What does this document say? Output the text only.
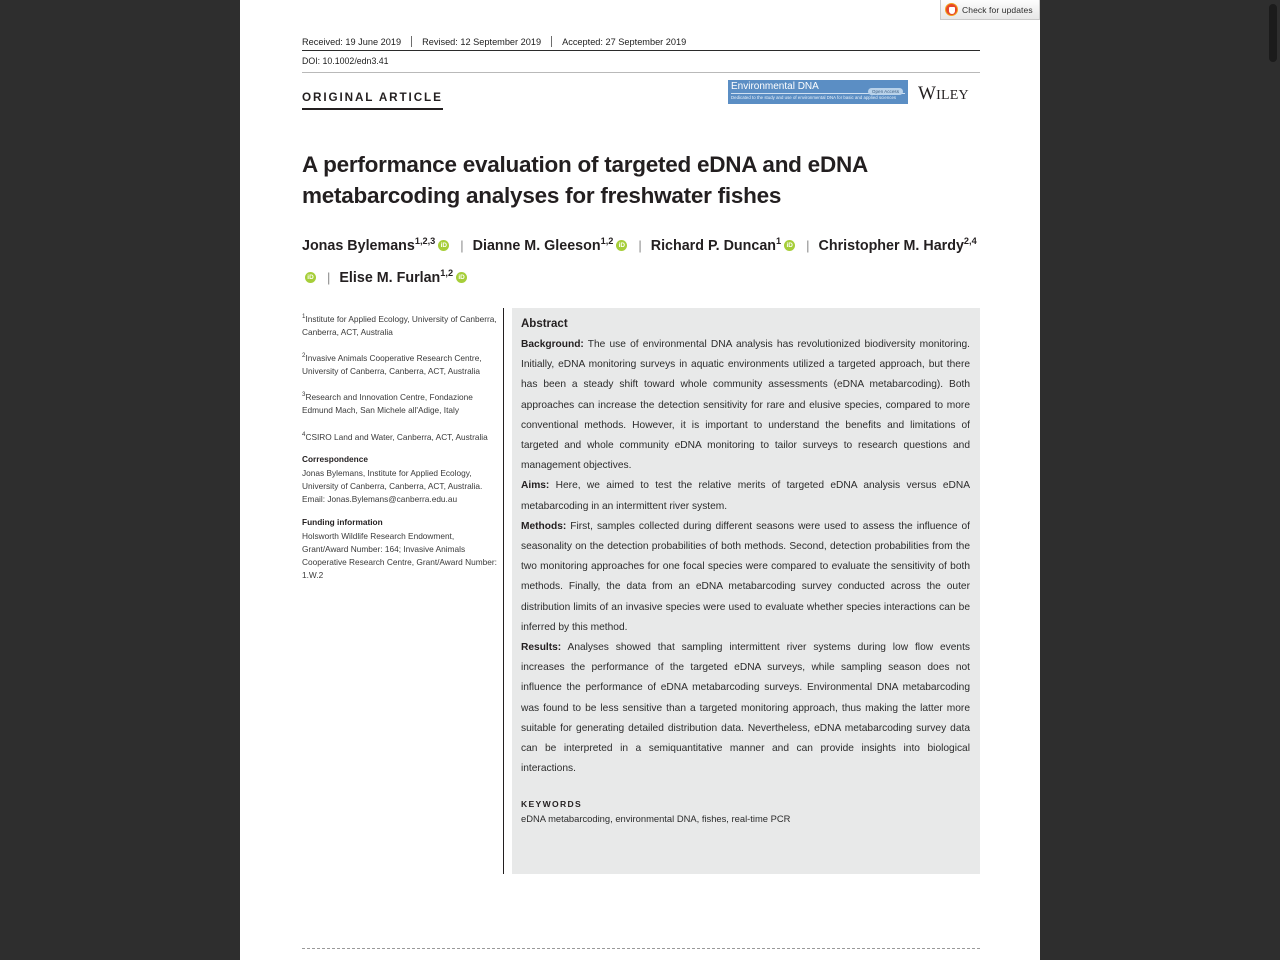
Check for updates
Received: 19 June 2019	Revised: 12 September 2019	Accepted: 27 September 2019
DOI: 10.1002/edn3.41
ORIGINAL ARTICLE
Environmental DNA	Open Access
Dedicated to the study and use of environmental DNA for basic and applied sciences	WILEY
A performance evaluation of targeted eDNA and eDNA metabarcoding analyses for freshwater fishes
Jonas Bylemans$^{1,2,3}$ iD | Dianne M. Gleeson$^{1,2}$ iD | Richard P. Duncan$^1$ iD | Christopher M. Hardy$^{2,4}$iD| Elise M. Furlan$^{1,2}$iD

$^1$Institute for Applied Ecology, University of Canberra, Canberra, ACT, Australia

$^2$Invasive Animals Cooperative Research Centre, University of Canberra, Canberra, ACT, Australia

$^3$Research and Innovation Centre, Fondazione Edmund Mach, San Michele all'Adige, Italy

$^4$CSIRO Land and Water, Canberra, ACT, Australia

Correspondence
Jonas Bylemans, Institute for Applied Ecology, University of Canberra, Canberra, ACT, Australia.
Email: Jonas.Bylemans@canberra.edu.au

Funding information
Holsworth Wildlife Research Endowment, Grant/Award Number: 164; Invasive Animals Cooperative Research Centre, Grant/Award Number: 1.W.2

Abstract

Background: The use of environmental DNA analysis has revolutionized biodiversity monitoring. Initially, eDNA monitoring surveys in aquatic environments utilized a targeted approach, but there has been a steady shift toward whole community assessments (eDNA metabarcoding). Both approaches can increase the detection sensitivity for rare and elusive species, compared to more conventional methods. However, it is important to understand the benefits and limitations of targeted and whole community eDNA monitoring to tailor surveys to research questions and management objectives.

Aims: Here, we aimed to test the relative merits of targeted eDNA analysis versus eDNA metabarcoding in an intermittent river system.

Methods: First, samples collected during different seasons were used to assess the influence of seasonality on the detection probabilities of both methods. Second, detection probabilities from the two monitoring approaches for one focal species were compared to evaluate the sensitivity of both methods. Finally, the data from an eDNA metabarcoding survey conducted across the outer distribution limits of an invasive species were used to evaluate whether species interactions can be inferred by this method.

Results: Analyses showed that sampling intermittent river systems during low flow events increases the performance of the targeted eDNA surveys, while sampling season does not influence the performance of eDNA metabarcoding surveys. Environmental DNA metabarcoding was found to be less sensitive than a targeted monitoring approach, thus making the latter more suitable for generating detailed distribution data. Nevertheless, eDNA metabarcoding survey data can be interpreted in a semiquantitative manner and can provide insights into biological interactions.

KEYWORDS
eDNA metabarcoding, environmental DNA, fishes, real-time PCR
